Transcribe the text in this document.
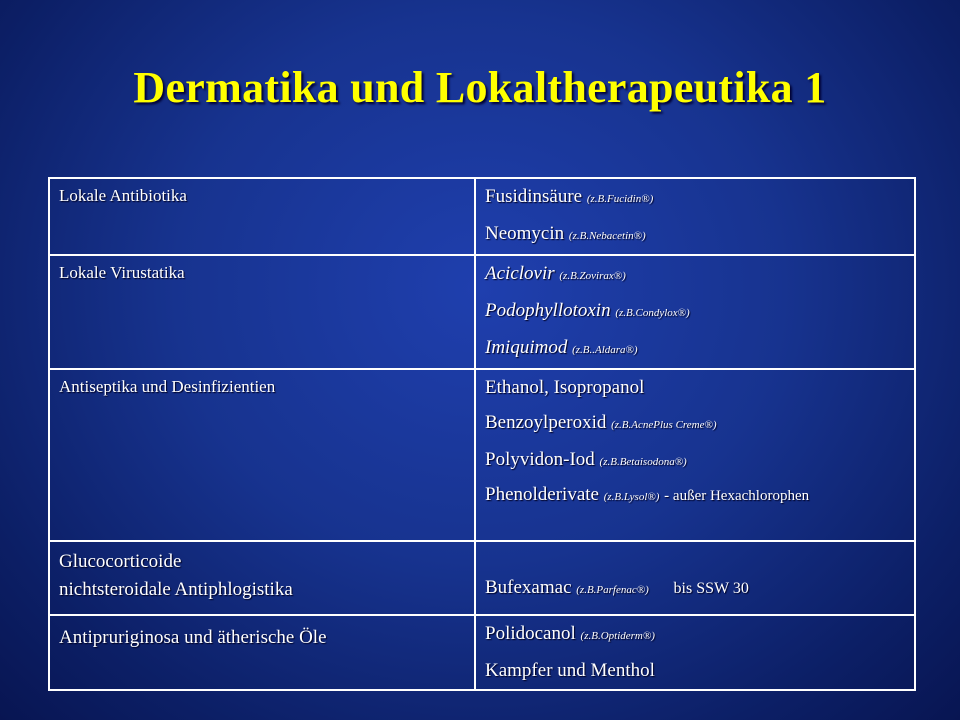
Dermatika und Lokaltherapeutika 1
Lokale Antibiotika	Fusidinsäure (z.B.Fucidin®)
Neomycin (z.B.Nebacetin®)

Lokale Virustatika	Aciclovir (z.B.Zovirax®)
Podophyllotoxin (z.B.Condylox®)
Imiquimod (z.B..Aldara®)

Antiseptika und Desinfizientien	Ethanol, Isopropanol
Benzoylperoxid (z.B.AcnePlus Creme®)
Polyvidon-Iod (z.B.Betaisodona®)
Phenolderivate (z.B.Lysol®) - außer Hexachlorophen

Glucocorticoide
nichtsteroidale Antiphlogistika	Bufexamac (z.B.Parfenac®) bis SSW 30

Antipruriginosa und ätherische Öle	Polidocanol (z.B.Optiderm®)
Kampfer und Menthol
